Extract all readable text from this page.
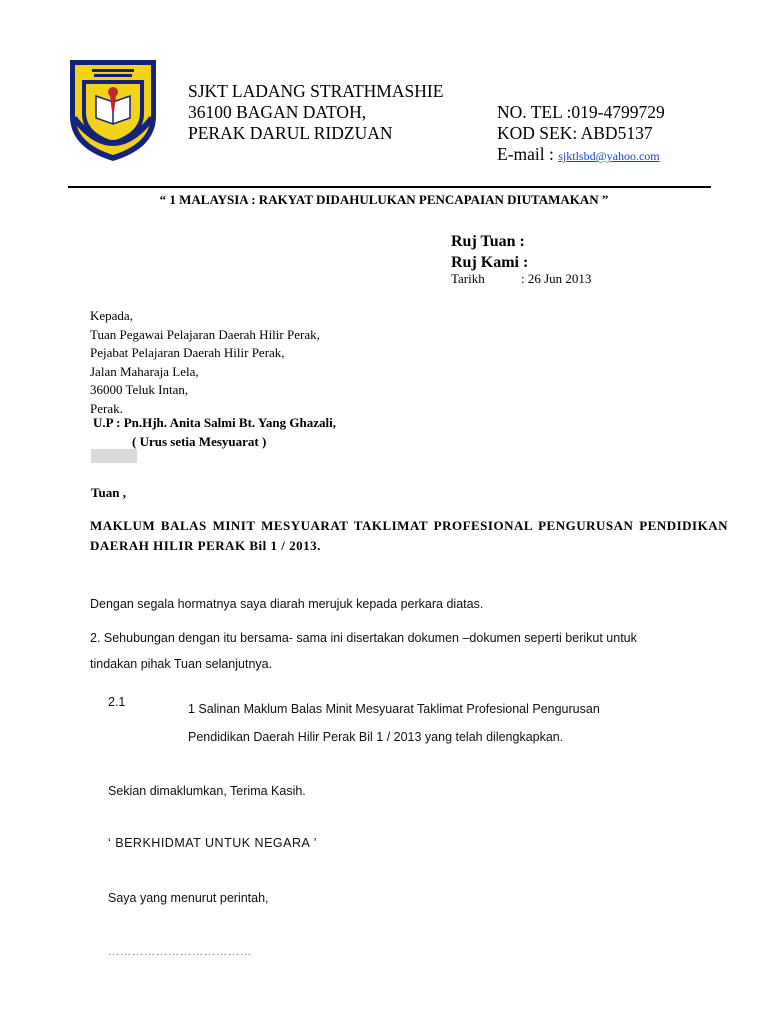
SJKT LADANG STRATHMASHIE
36100 BAGAN DATOH,
PERAK DARUL RIDZUAN
NO. TEL :019-4799729
KOD SEK: ABD5137
E-mail : sjktlsbd@yahoo.com
“ 1 MALAYSIA : RAKYAT DIDAHULUKAN PENCAPAIAN DIUTAMAKAN ”
Ruj Tuan :
Ruj Kami :
Tarikh	: 26 Jun 2013
Kepada,
Tuan Pegawai Pelajaran Daerah Hilir Perak,
Pejabat Pelajaran Daerah Hilir Perak,
Jalan Maharaja Lela,
36000 Teluk Intan,
Perak.
U.P : Pn.Hjh. Anita Salmi Bt. Yang Ghazali,
( Urus setia Mesyuarat )
Tuan ,
MAKLUM BALAS MINIT MESYUARAT TAKLIMAT PROFESIONAL PENGURUSAN PENDIDIKAN DAERAH HILIR PERAK Bil 1 / 2013.
Dengan segala hormatnya saya diarah merujuk kepada perkara diatas.
2. Sehubungan dengan itu bersama- sama ini disertakan dokumen –dokumen seperti berikut untuk
tindakan pihak Tuan selanjutnya.
2.1	1 Salinan Maklum Balas Minit Mesyuarat Taklimat Profesional Pengurusan
Pendidikan Daerah Hilir Perak Bil 1 / 2013 yang telah dilengkapkan.
Sekian dimaklumkan, Terima Kasih.
‘ BERKHIDMAT UNTUK NEGARA ’
Saya yang menurut perintah,
………………………………
